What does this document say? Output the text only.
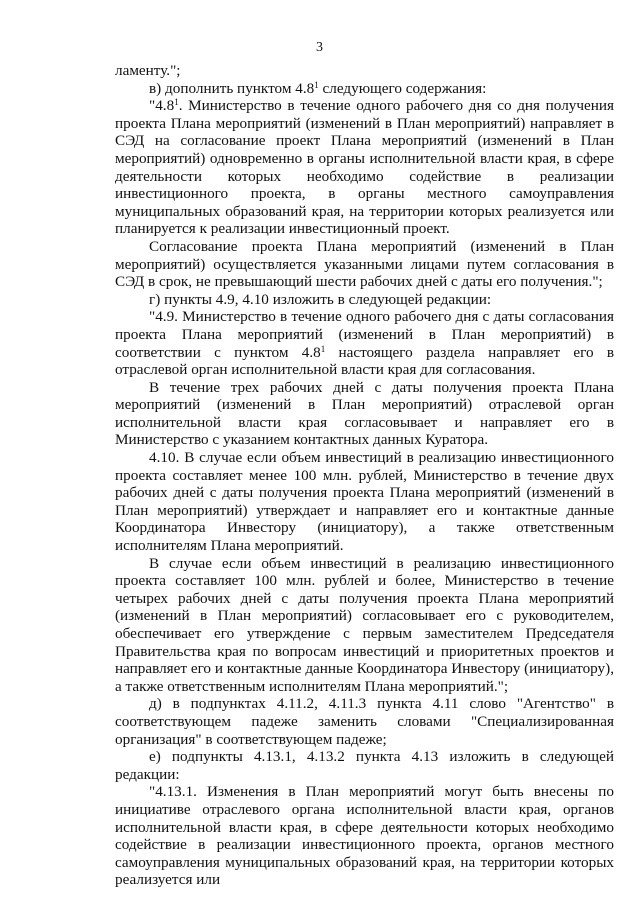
3

ламенту.";

в) дополнить пунктом $4.8^1$ следующего содержания:

"$4.8^1$. Министерство в течение одного рабочего дня со дня получения проекта Плана мероприятий (изменений в План мероприятий) направляет в СЭД на согласование проект Плана мероприятий (изменений в План мероприятий) одновременно в органы исполнительной власти края, в сфере деятельности которых необходимо содействие в реализации инвестиционного проекта, в органы местного самоуправления муниципальных образований края, на территории которых реализуется или планируется к реализации инвестиционный проект.

Согласование проекта Плана мероприятий (изменений в План мероприятий) осуществляется указанными лицами путем согласования в СЭД в срок, не превышающий шести рабочих дней с даты его получения.";

г) пункты 4.9, 4.10 изложить в следующей редакции:

"4.9. Министерство в течение одного рабочего дня с даты согласования проекта Плана мероприятий (изменений в План мероприятий) в соответствии с пунктом $4.8^1$ настоящего раздела направляет его в отраслевой орган исполнительной власти края для согласования.

В течение трех рабочих дней с даты получения проекта Плана мероприятий (изменений в План мероприятий) отраслевой орган исполнительной власти края согласовывает и направляет его в Министерство с указанием контактных данных Куратора.

4.10. В случае если объем инвестиций в реализацию инвестиционного проекта составляет менее 100 млн. рублей, Министерство в течение двух рабочих дней с даты получения проекта Плана мероприятий (изменений в План мероприятий) утверждает и направляет его и контактные данные Координатора Инвестору (инициатору), а также ответственным исполнителям Плана мероприятий.

В случае если объем инвестиций в реализацию инвестиционного проекта составляет 100 млн. рублей и более, Министерство в течение четырех рабочих дней с даты получения проекта Плана мероприятий (изменений в План мероприятий) согласовывает его с руководителем, обеспечивает его утверждение с первым заместителем Председателя Правительства края по вопросам инвестиций и приоритетных проектов и направляет его и контактные данные Координатора Инвестору (инициатору), а также ответственным исполнителям Плана мероприятий.";

д) в подпунктах 4.11.2, 4.11.3 пункта 4.11 слово "Агентство" в соответствующем падеже заменить словами "Специализированная организация" в соответствующем падеже;

е) подпункты 4.13.1, 4.13.2 пункта 4.13 изложить в следующей редакции:

"4.13.1. Изменения в План мероприятий могут быть внесены по инициативе отраслевого органа исполнительной власти края, органов исполнительной власти края, в сфере деятельности которых необходимо содействие в реализации инвестиционного проекта, органов местного самоуправления муниципальных образований края, на территории которых реализуется или
